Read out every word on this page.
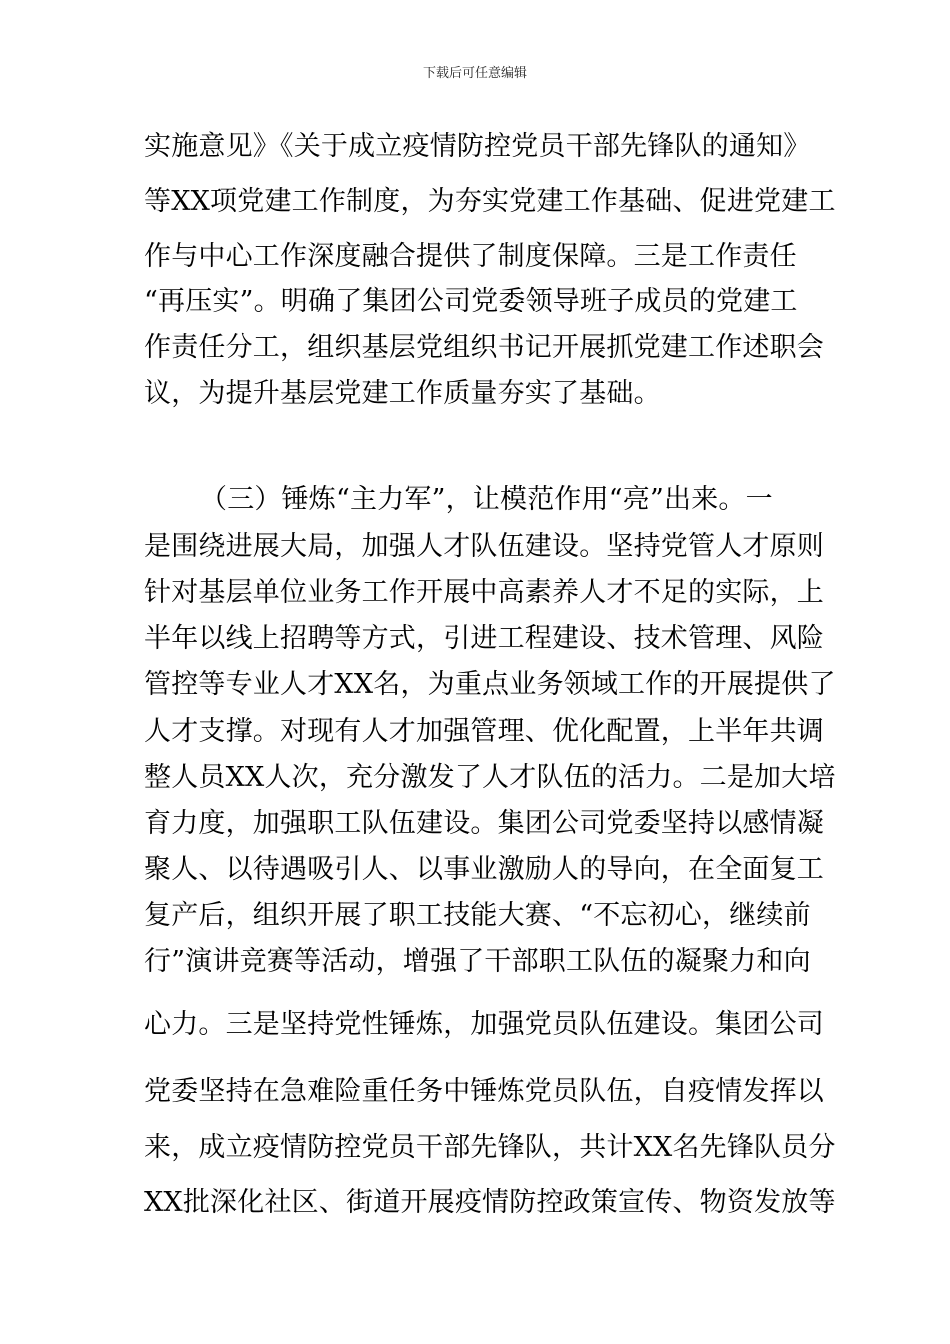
下载后可任意编辑
实施意见》《关于成立疫情防控党员干部先锋队的通知》
等XX项党建工作制度，为夯实党建工作基础、促进党建工
作与中心工作深度融合提供了制度保障。三是工作责任
“再压实”。明确了集团公司党委领导班子成员的党建工
作责任分工，组织基层党组织书记开展抓党建工作述职会
议，为提升基层党建工作质量夯实了基础。
（三）锤炼“主力军”，让模范作用“亮”出来。一
是围绕进展大局，加强人才队伍建设。坚持党管人才原则
针对基层单位业务工作开展中高素养人才不足的实际，上
半年以线上招聘等方式，引进工程建设、技术管理、风险
管控等专业人才XX名，为重点业务领域工作的开展提供了
人才支撑。对现有人才加强管理、优化配置，上半年共调
整人员XX人次，充分激发了人才队伍的活力。二是加大培
育力度，加强职工队伍建设。集团公司党委坚持以感情凝
聚人、以待遇吸引人、以事业激励人的导向，在全面复工
复产后，组织开展了职工技能大赛、“不忘初心，继续前
行”演讲竞赛等活动，增强了干部职工队伍的凝聚力和向
心力。三是坚持党性锤炼，加强党员队伍建设。集团公司
党委坚持在急难险重任务中锤炼党员队伍，自疫情发挥以
来，成立疫情防控党员干部先锋队，共计XX名先锋队员分
XX批深化社区、街道开展疫情防控政策宣传、物资发放等
